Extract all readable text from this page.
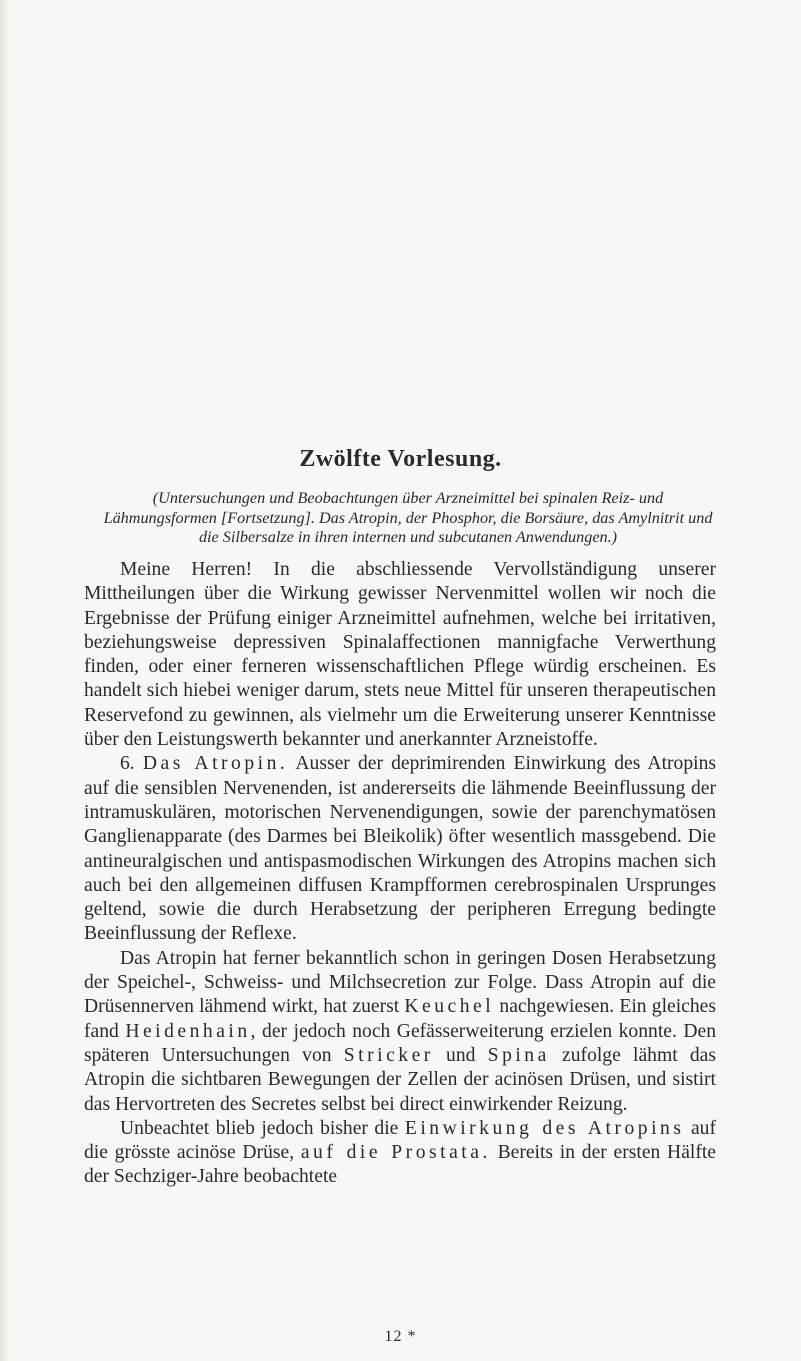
Zwölfte Vorlesung.

(Untersuchungen und Beobachtungen über Arzneimittel bei spinalen Reiz- und Lähmungsformen [Fortsetzung]. Das Atropin, der Phosphor, die Borsäure, das Amylnitrit und die Silbersalze in ihren internen und subcutanen Anwendungen.)

Meine Herren! In die abschliessende Vervollständigung unserer Mittheilungen über die Wirkung gewisser Nervenmittel wollen wir noch die Ergebnisse der Prüfung einiger Arzneimittel aufnehmen, welche bei irritativen, beziehungsweise depressiven Spinalaffectionen mannigfache Verwerthung finden, oder einer ferneren wissenschaftlichen Pflege würdig erscheinen. Es handelt sich hiebei weniger darum, stets neue Mittel für unseren therapeutischen Reservefond zu gewinnen, als vielmehr um die Erweiterung unserer Kenntnisse über den Leistungswerth bekannter und anerkannter Arzneistoffe.

6. Das Atropin. Ausser der deprimirenden Einwirkung des Atropins auf die sensiblen Nervenenden, ist andererseits die lähmende Beeinflussung der intramuskulären, motorischen Nervenendigungen, sowie der parenchymatösen Ganglienapparate (des Darmes bei Bleikolik) öfter wesentlich massgebend. Die antineuralgischen und antispasmodischen Wirkungen des Atropins machen sich auch bei den allgemeinen diffusen Krampfformen cerebrospinalen Ursprunges geltend, sowie die durch Herabsetzung der peripheren Erregung bedingte Beeinflussung der Reflexe.

Das Atropin hat ferner bekanntlich schon in geringen Dosen Herabsetzung der Speichel-, Schweiss- und Milchsecretion zur Folge. Dass Atropin auf die Drüsennerven lähmend wirkt, hat zuerst Keuchel nachgewiesen. Ein gleiches fand Heidenhain, der jedoch noch Gefässerweiterung erzielen konnte. Den späteren Untersuchungen von Stricker und Spina zufolge lähmt das Atropin die sichtbaren Bewegungen der Zellen der acinösen Drüsen, und sistirt das Hervortreten des Secretes selbst bei direct einwirkender Reizung.

Unbeachtet blieb jedoch bisher die Einwirkung des Atropins auf die grösste acinöse Drüse, auf die Prostata. Bereits in der ersten Hälfte der Sechziger-Jahre beobachtete

12 *
